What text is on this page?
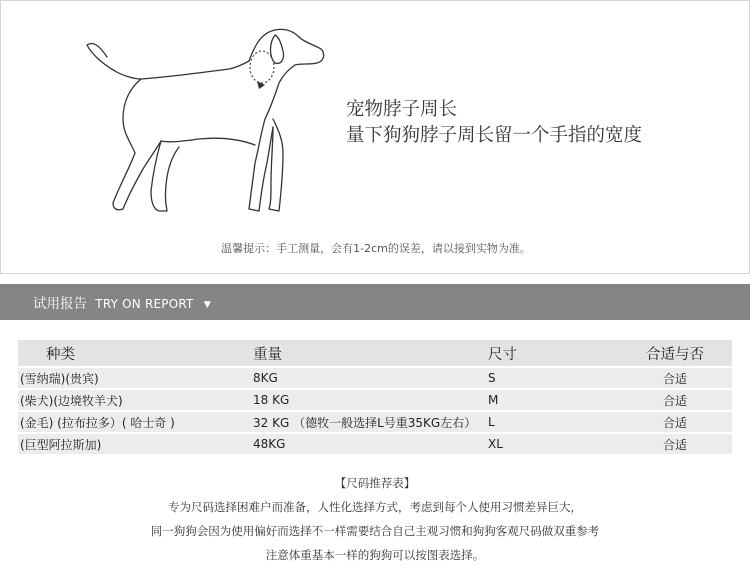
宠物脖子周长
量下狗狗脖子周长留一个手指的宽度
温馨提示：手工测量，会有1-2cm的误差，请以接到实物为准。
试用报告 TRY ON REPORT ▼
种类	重量	尺寸	合适与否
(雪纳瑞)(贵宾)	8KG	S	合适
(柴犬)(边境牧羊犬)	18 KG	M	合适
(金毛) (拉布拉多）( 哈士奇 )	32 KG （德牧一般选择L号重35KG左右）	L	合适
(巨型阿拉斯加)	48KG	XL	合适
【尺码推荐表】
专为尺码选择困难户而准备，人性化选择方式，考虑到每个人使用习惯差异巨大，
同一狗狗会因为使用偏好而选择不一样需要结合自己主观习惯和狗狗客观尺码做双重参考
注意体重基本一样的狗狗可以按图表选择。
